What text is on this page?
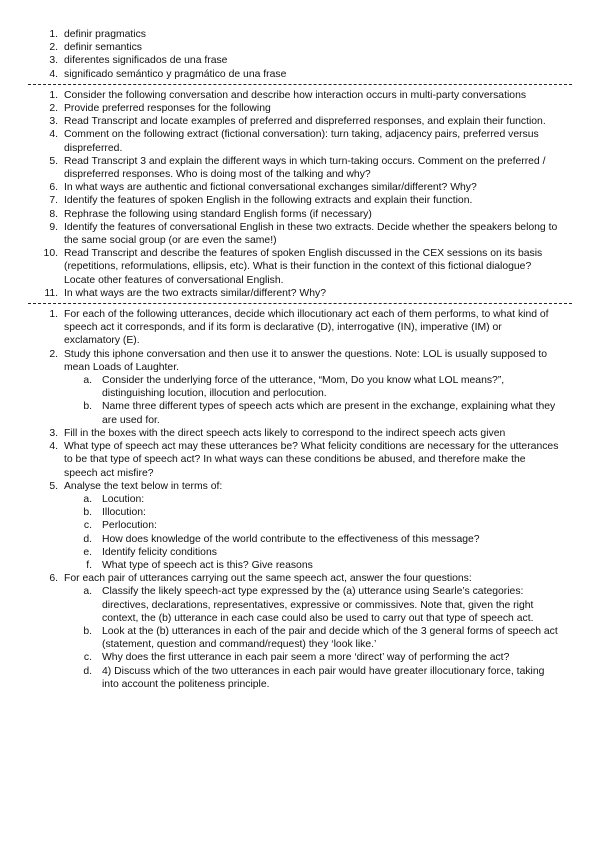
1. definir pragmatics
2. definir semantics
3. diferentes significados de una frase
4. significado semántico y pragmático de una frase
1. Consider the following conversation and describe how interaction occurs in multi-party conversations
2. Provide preferred responses for the following
3. Read Transcript and locate examples of preferred and dispreferred responses, and explain their function.
4. Comment on the following extract (fictional conversation): turn taking, adjacency pairs, preferred versus dispreferred.
5. Read Transcript 3 and explain the different ways in which turn-taking occurs. Comment on the preferred / dispreferred responses. Who is doing most of the talking and why?
6. In what ways are authentic and fictional conversational exchanges similar/different? Why?
7. Identify the features of spoken English in the following extracts and explain their function.
8. Rephrase the following using standard English forms (if necessary)
9. Identify the features of conversational English in these two extracts. Decide whether the speakers belong to the same social group (or are even the same!)
10. Read Transcript and describe the features of spoken English discussed in the CEX sessions on its basis (repetitions, reformulations, ellipsis, etc). What is their function in the context of this fictional dialogue? Locate other features of conversational English.
11. In what ways are the two extracts similar/different? Why?
1. For each of the following utterances, decide which illocutionary act each of them performs, to what kind of speech act it corresponds, and if its form is declarative (D), interrogative (IN), imperative (IM) or exclamatory (E).
2. Study this iphone conversation and then use it to answer the questions. Note: LOL is usually supposed to mean Loads of Laughter.
a. Consider the underlying force of the utterance, “Mom, Do you know what LOL means?”, distinguishing locution, illocution and perlocution.
b. Name three different types of speech acts which are present in the exchange, explaining what they are used for.
3. Fill in the boxes with the direct speech acts likely to correspond to the indirect speech acts given
4. What type of speech act may these utterances be? What felicity conditions are necessary for the utterances to be that type of speech act? In what ways can these conditions be abused, and therefore make the speech act misfire?
5. Analyse the text below in terms of:
a. Locution:
b. Illocution:
c. Perlocution:
d. How does knowledge of the world contribute to the effectiveness of this message?
e. Identify felicity conditions
f. What type of speech act is this? Give reasons
6. For each pair of utterances carrying out the same speech act, answer the four questions:
a. Classify the likely speech-act type expressed by the (a) utterance using Searle’s categories: directives, declarations, representatives, expressive or commissives. Note that, given the right context, the (b) utterance in each case could also be used to carry out that type of speech act.
b. Look at the (b) utterances in each of the pair and decide which of the 3 general forms of speech act (statement, question and command/request) they ‘look like.’
c. Why does the first utterance in each pair seem a more ‘direct’ way of performing the act?
d. 4) Discuss which of the two utterances in each pair would have greater illocutionary force, taking into account the politeness principle.
